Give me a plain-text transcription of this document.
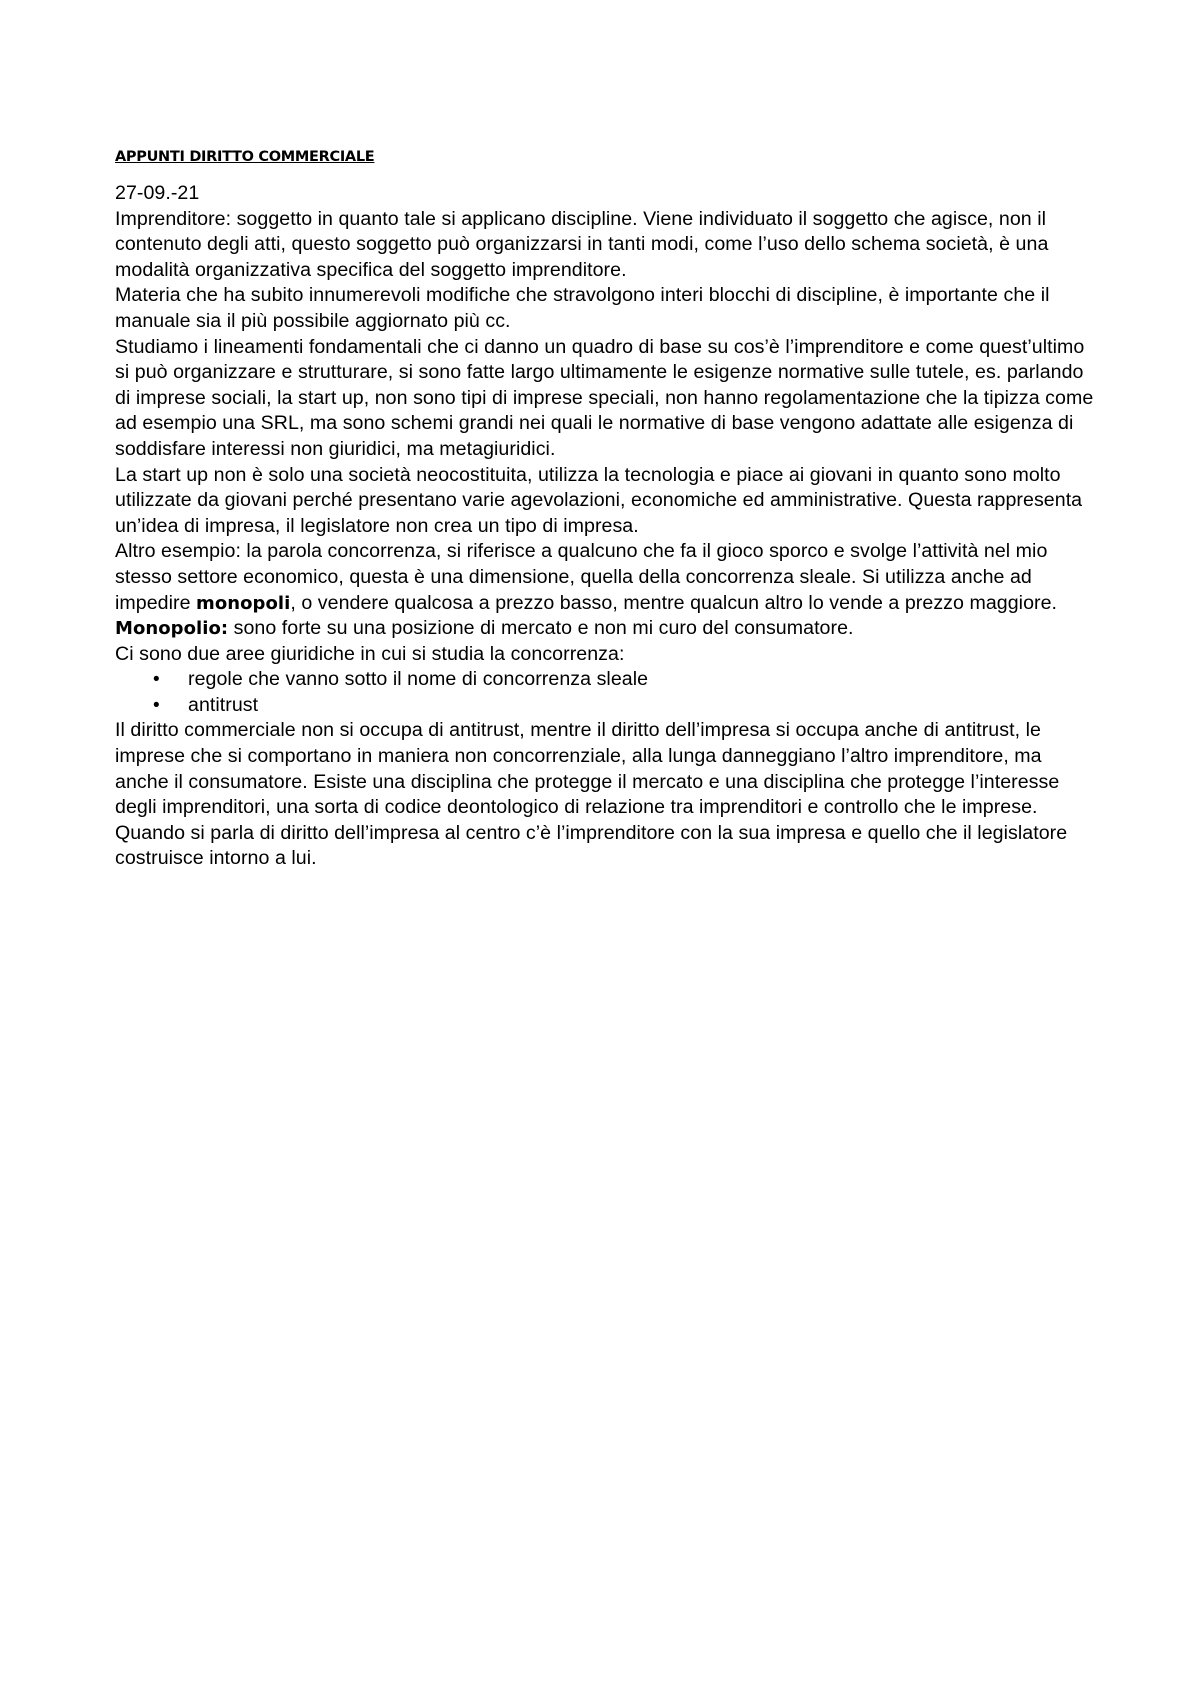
APPUNTI DIRITTO COMMERCIALE

27-09.-21

Imprenditore: soggetto in quanto tale si applicano discipline. Viene individuato il soggetto che agisce, non il contenuto degli atti, questo soggetto può organizzarsi in tanti modi, come l’uso dello schema società, è una modalità organizzativa specifica del soggetto imprenditore.

Materia che ha subito innumerevoli modifiche che stravolgono interi blocchi di discipline, è importante che il manuale sia il più possibile aggiornato più cc.

Studiamo i lineamenti fondamentali che ci danno un quadro di base su cos’è l’imprenditore e come quest’ultimo si può organizzare e strutturare, si sono fatte largo ultimamente le esigenze normative sulle tutele, es. parlando di imprese sociali, la start up, non sono tipi di imprese speciali, non hanno regolamentazione che la tipizza come ad esempio una SRL, ma sono schemi grandi nei quali le normative di base vengono adattate alle esigenza di soddisfare interessi non giuridici, ma metagiuridici.

La start up non è solo una società neocostituita, utilizza la tecnologia e piace ai giovani in quanto sono molto utilizzate da giovani perché presentano varie agevolazioni, economiche ed amministrative. Questa rappresenta un’idea di impresa, il legislatore non crea un tipo di impresa.

Altro esempio: la parola concorrenza, si riferisce a qualcuno che fa il gioco sporco e svolge l’attività nel mio stesso settore economico, questa è una dimensione, quella della concorrenza sleale. Si utilizza anche ad impedire monopoli, o vendere qualcosa a prezzo basso, mentre qualcun altro lo vende a prezzo maggiore.

Monopolio: sono forte su una posizione di mercato e non mi curo del consumatore.

Ci sono due aree giuridiche in cui si studia la concorrenza:

• regole che vanno sotto il nome di concorrenza sleale
• antitrust

Il diritto commerciale non si occupa di antitrust, mentre il diritto dell’impresa si occupa anche di antitrust, le imprese che si comportano in maniera non concorrenziale, alla lunga danneggiano l’altro imprenditore, ma anche il consumatore. Esiste una disciplina che protegge il mercato e una disciplina che protegge l’interesse degli imprenditori, una sorta di codice deontologico di relazione tra imprenditori e controllo che le imprese.

Quando si parla di diritto dell’impresa al centro c’è l’imprenditore con la sua impresa e quello che il legislatore costruisce intorno a lui.
